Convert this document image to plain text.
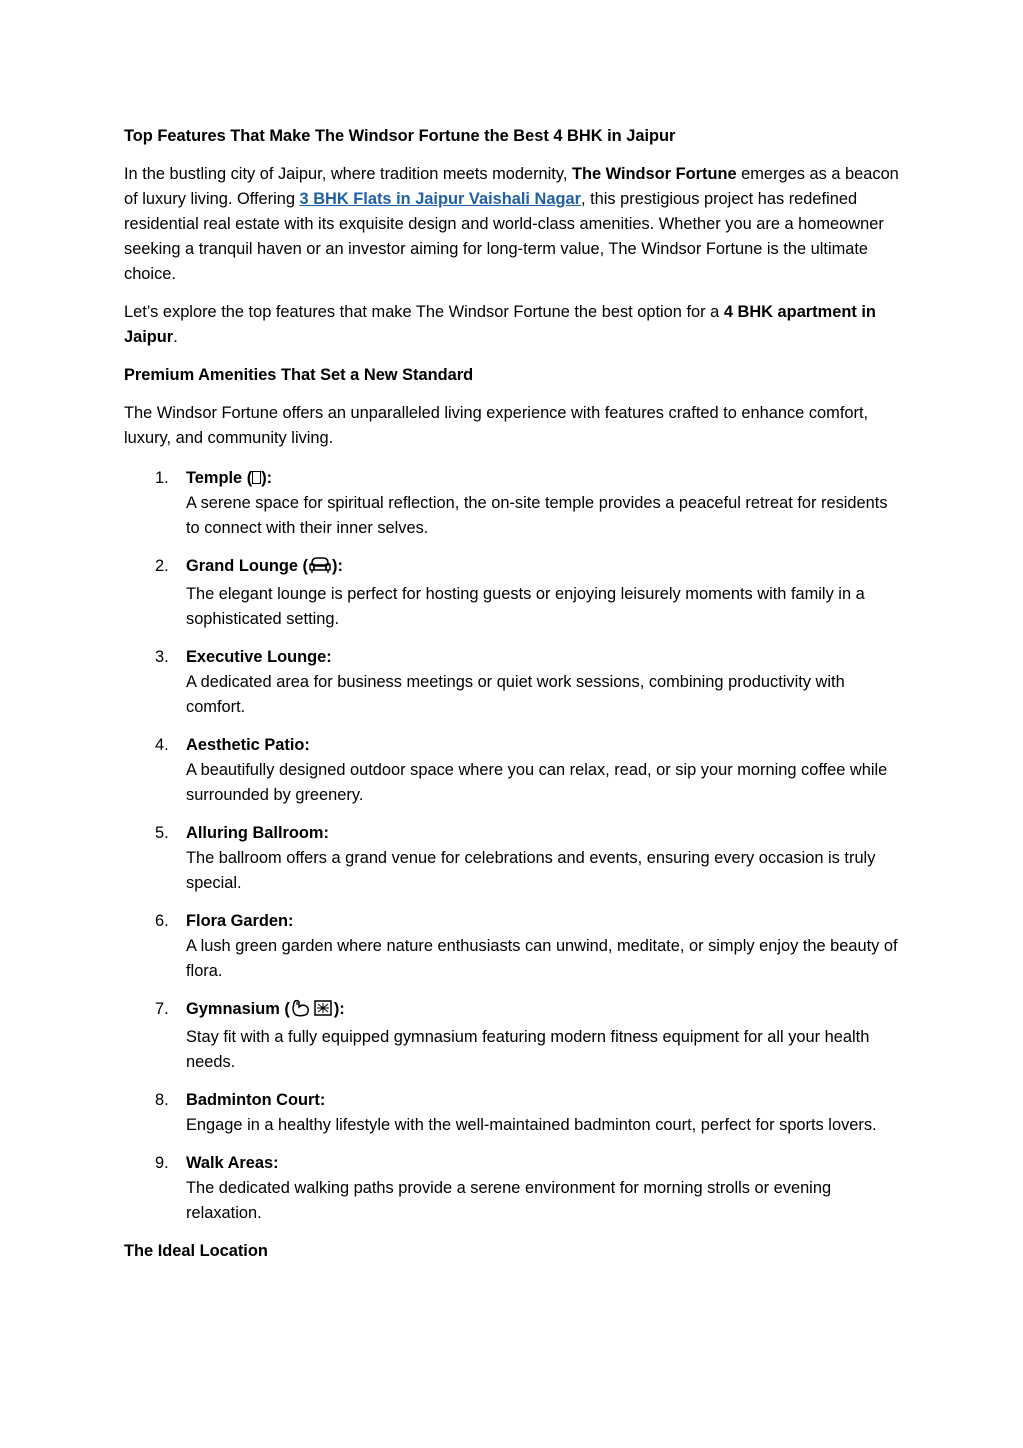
Top Features That Make The Windsor Fortune the Best 4 BHK in Jaipur

In the bustling city of Jaipur, where tradition meets modernity, The Windsor Fortune emerges as a beacon of luxury living. Offering 3 BHK Flats in Jaipur Vaishali Nagar, this prestigious project has redefined residential real estate with its exquisite design and world-class amenities. Whether you are a homeowner seeking a tranquil haven or an investor aiming for long-term value, The Windsor Fortune is the ultimate choice.

Let’s explore the top features that make The Windsor Fortune the best option for a 4 BHK apartment in Jaipur.

Premium Amenities That Set a New Standard

The Windsor Fortune offers an unparalleled living experience with features crafted to enhance comfort, luxury, and community living.

1. Temple ( ):
A serene space for spiritual reflection, the on-site temple provides a peaceful retreat for residents to connect with their inner selves.
2. Grand Lounge ( ):
The elegant lounge is perfect for hosting guests or enjoying leisurely moments with family in a sophisticated setting.
3. Executive Lounge:
A dedicated area for business meetings or quiet work sessions, combining productivity with comfort.
4. Aesthetic Patio:
A beautifully designed outdoor space where you can relax, read, or sip your morning coffee while surrounded by greenery.
5. Alluring Ballroom:
The ballroom offers a grand venue for celebrations and events, ensuring every occasion is truly special.
6. Flora Garden:
A lush green garden where nature enthusiasts can unwind, meditate, or simply enjoy the beauty of flora.
7. Gymnasium (	):
Stay fit with a fully equipped gymnasium featuring modern fitness equipment for all your health needs.
8. Badminton Court:
Engage in a healthy lifestyle with the well-maintained badminton court, perfect for sports lovers.
9. Walk Areas:
The dedicated walking paths provide a serene environment for morning strolls or evening relaxation.

The Ideal Location
